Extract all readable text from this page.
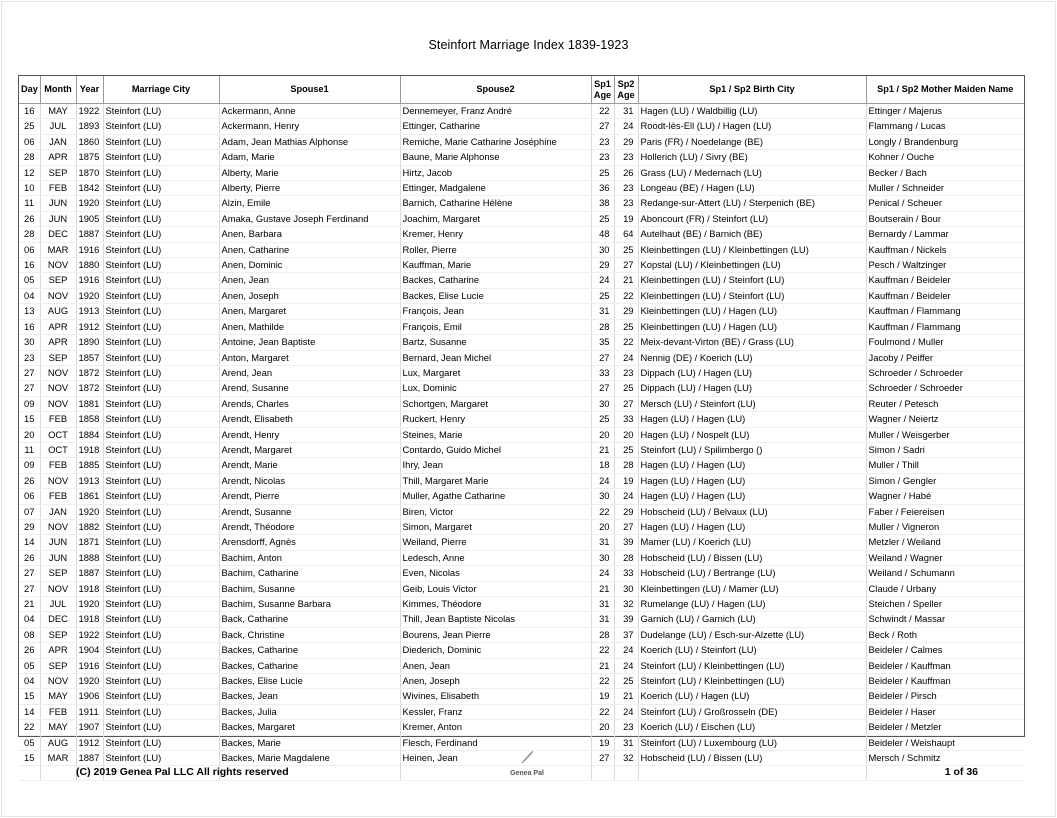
Steinfort Marriage Index 1839-1923
Day	Month	Year	Marriage City	Spouse1	Spouse2	Sp1 Age	Sp2 Age	Sp1 / Sp2 Birth City	Sp1 / Sp2 Mother Maiden Name
16	MAY	1922	Steinfort (LU)	Ackermann, Anne	Dennemeyer, Franz André	22	31	Hagen (LU) / Waldbillig (LU)	Ettinger / Majerus
25	JUL	1893	Steinfort (LU)	Ackermann, Henry	Ettinger, Catharine	27	24	Roodt-lès-Ell (LU) / Hagen (LU)	Flammang / Lucas
06	JAN	1860	Steinfort (LU)	Adam, Jean Mathias Alphonse	Remiche, Marie Catharine Joséphine	23	29	Paris (FR) / Noedelange (BE)	Longly / Brandenburg
28	APR	1875	Steinfort (LU)	Adam, Marie	Baune, Marie Alphonse	23	23	Hollerich (LU) / Sivry (BE)	Kohner / Ouche
12	SEP	1870	Steinfort (LU)	Alberty, Marie	Hirtz, Jacob	25	26	Grass (LU) / Medernach (LU)	Becker / Bach
10	FEB	1842	Steinfort (LU)	Alberty, Pierre	Ettinger, Madgalene	36	23	Longeau (BE) / Hagen (LU)	Muller / Schneider
11	JUN	1920	Steinfort (LU)	Alzin, Emile	Barnich, Catharine Hélène	38	23	Redange-sur-Attert (LU) / Sterpenich (BE)	Penical / Scheuer
26	JUN	1905	Steinfort (LU)	Amaka, Gustave Joseph Ferdinand	Joachim, Margaret	25	19	Aboncourt (FR) / Steinfort (LU)	Boutserain / Bour
28	DEC	1887	Steinfort (LU)	Anen, Barbara	Kremer, Henry	48	64	Autelhaut (BE) / Barnich (BE)	Bernardy / Lammar
06	MAR	1916	Steinfort (LU)	Anen, Catharine	Roller, Pierre	30	25	Kleinbettingen (LU) / Kleinbettingen (LU)	Kauffman / Nickels
16	NOV	1880	Steinfort (LU)	Anen, Dominic	Kauffman, Marie	29	27	Kopstal (LU) / Kleinbettingen (LU)	Pesch / Waltzinger
05	SEP	1916	Steinfort (LU)	Anen, Jean	Backes, Catharine	24	21	Kleinbettingen (LU) / Steinfort (LU)	Kauffman / Beideler
04	NOV	1920	Steinfort (LU)	Anen, Joseph	Backes, Elise Lucie	25	22	Kleinbettingen (LU) / Steinfort (LU)	Kauffman / Beideler
13	AUG	1913	Steinfort (LU)	Anen, Margaret	François, Jean	31	29	Kleinbettingen (LU) / Hagen (LU)	Kauffman / Flammang
16	APR	1912	Steinfort (LU)	Anen, Mathilde	François, Emil	28	25	Kleinbettingen (LU) / Hagen (LU)	Kauffman / Flammang
30	APR	1890	Steinfort (LU)	Antoine, Jean Baptiste	Bartz, Susanne	35	22	Meix-devant-Virton (BE) / Grass (LU)	Foulmond / Muller
23	SEP	1857	Steinfort (LU)	Anton, Margaret	Bernard, Jean Michel	27	24	Nennig (DE) / Koerich (LU)	Jacoby / Peiffer
27	NOV	1872	Steinfort (LU)	Arend, Jean	Lux, Margaret	33	23	Dippach (LU) / Hagen (LU)	Schroeder / Schroeder
27	NOV	1872	Steinfort (LU)	Arend, Susanne	Lux, Dominic	27	25	Dippach (LU) / Hagen (LU)	Schroeder / Schroeder
09	NOV	1881	Steinfort (LU)	Arends, Charles	Schortgen, Margaret	30	27	Mersch (LU) / Steinfort (LU)	Reuter / Petesch
15	FEB	1858	Steinfort (LU)	Arendt, Elisabeth	Ruckert, Henry	25	33	Hagen (LU) / Hagen (LU)	Wagner / Neiertz
20	OCT	1884	Steinfort (LU)	Arendt, Henry	Steines, Marie	20	20	Hagen (LU) / Nospelt (LU)	Muller / Weisgerber
11	OCT	1918	Steinfort (LU)	Arendt, Margaret	Contardo, Guido Michel	21	25	Steinfort (LU) / Spilimbergo ()	Simon / Sadri
09	FEB	1885	Steinfort (LU)	Arendt, Marie	Ihry, Jean	18	28	Hagen (LU) / Hagen (LU)	Muller / Thill
26	NOV	1913	Steinfort (LU)	Arendt, Nicolas	Thill, Margaret Marie	24	19	Hagen (LU) / Hagen (LU)	Simon / Gengler
06	FEB	1861	Steinfort (LU)	Arendt, Pierre	Muller, Agathe Catharine	30	24	Hagen (LU) / Hagen (LU)	Wagner / Habé
07	JAN	1920	Steinfort (LU)	Arendt, Susanne	Biren, Victor	22	29	Hobscheid (LU) / Belvaux (LU)	Faber / Feiereisen
29	NOV	1882	Steinfort (LU)	Arendt, Théodore	Simon, Margaret	20	27	Hagen (LU) / Hagen (LU)	Muller / Vigneron
14	JUN	1871	Steinfort (LU)	Arensdorff, Agnès	Weiland, Pierre	31	39	Mamer (LU) / Koerich (LU)	Metzler / Weiland
26	JUN	1888	Steinfort (LU)	Bachim, Anton	Ledesch, Anne	30	28	Hobscheid (LU) / Bissen (LU)	Weiland / Wagner
27	SEP	1887	Steinfort (LU)	Bachim, Catharine	Even, Nicolas	24	33	Hobscheid (LU) / Bertrange (LU)	Weiland / Schumann
27	NOV	1918	Steinfort (LU)	Bachim, Susanne	Geib, Louis Victor	21	30	Kleinbettingen (LU) / Mamer (LU)	Claude / Urbany
21	JUL	1920	Steinfort (LU)	Bachim, Susanne Barbara	Kimmes, Théodore	31	32	Rumelange (LU) / Hagen (LU)	Steichen / Speller
04	DEC	1918	Steinfort (LU)	Back, Catharine	Thill, Jean Baptiste Nicolas	31	39	Garnich (LU) / Garnich (LU)	Schwindt / Massar
08	SEP	1922	Steinfort (LU)	Back, Christine	Bourens, Jean Pierre	28	37	Dudelange (LU) / Esch-sur-Alzette (LU)	Beck / Roth
26	APR	1904	Steinfort (LU)	Backes, Catharine	Diederich, Dominic	22	24	Koerich (LU) / Steinfort (LU)	Beideler / Calmes
05	SEP	1916	Steinfort (LU)	Backes, Catharine	Anen, Jean	21	24	Steinfort (LU) / Kleinbettingen (LU)	Beideler / Kauffman
04	NOV	1920	Steinfort (LU)	Backes, Elise Lucie	Anen, Joseph	22	25	Steinfort (LU) / Kleinbettingen (LU)	Beideler / Kauffman
15	MAY	1906	Steinfort (LU)	Backes, Jean	Wivines, Elisabeth	19	21	Koerich (LU) / Hagen (LU)	Beideler / Pirsch
14	FEB	1911	Steinfort (LU)	Backes, Julia	Kessler, Franz	22	24	Steinfort (LU) / Großrosseln (DE)	Beideler / Haser
22	MAY	1907	Steinfort (LU)	Backes, Margaret	Kremer, Anton	20	23	Koerich (LU) / Eischen (LU)	Beideler / Metzler
05	AUG	1912	Steinfort (LU)	Backes, Marie	Flesch, Ferdinand	19	31	Steinfort (LU) / Luxembourg (LU)	Beideler / Weishaupt
15	MAR	1887	Steinfort (LU)	Backes, Marie Magdalene	Heinen, Jean	27	32	Hobscheid (LU) / Bissen (LU)	Mersch / Schmitz

(C) 2019 Genea Pal LLC All rights reserved	Genea Pal	1 of 36
